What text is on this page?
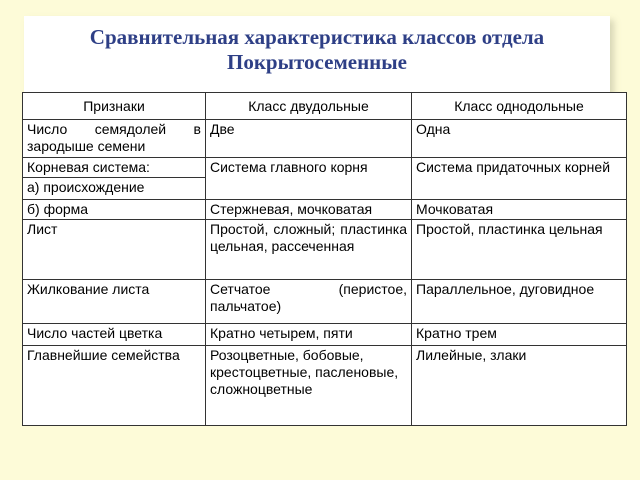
Сравнительная характеристика классов отдела
Покрытосеменные
Признаки	Класс двудольные	Класс однодольные
Число семядолей в зародыше семени	Две	Одна
Корневая система:	Система главного корня	Система придаточных корней
а) происхождение		
б) форма	Стержневая, мочковатая	Мочковатая
Лист	Простой, сложный; пластинка цельная, рассеченная	Простой, пластинка цельная
Жилкование листа	Сетчатое (перистое, пальчатое)	Параллельное, дуговидное
Число частей цветка	Кратно четырем, пяти	Кратно трем
Главнейшие семейства	Розоцветные, бобовые, крестоцветные, пасленовые, сложноцветные	Лилейные, злаки
